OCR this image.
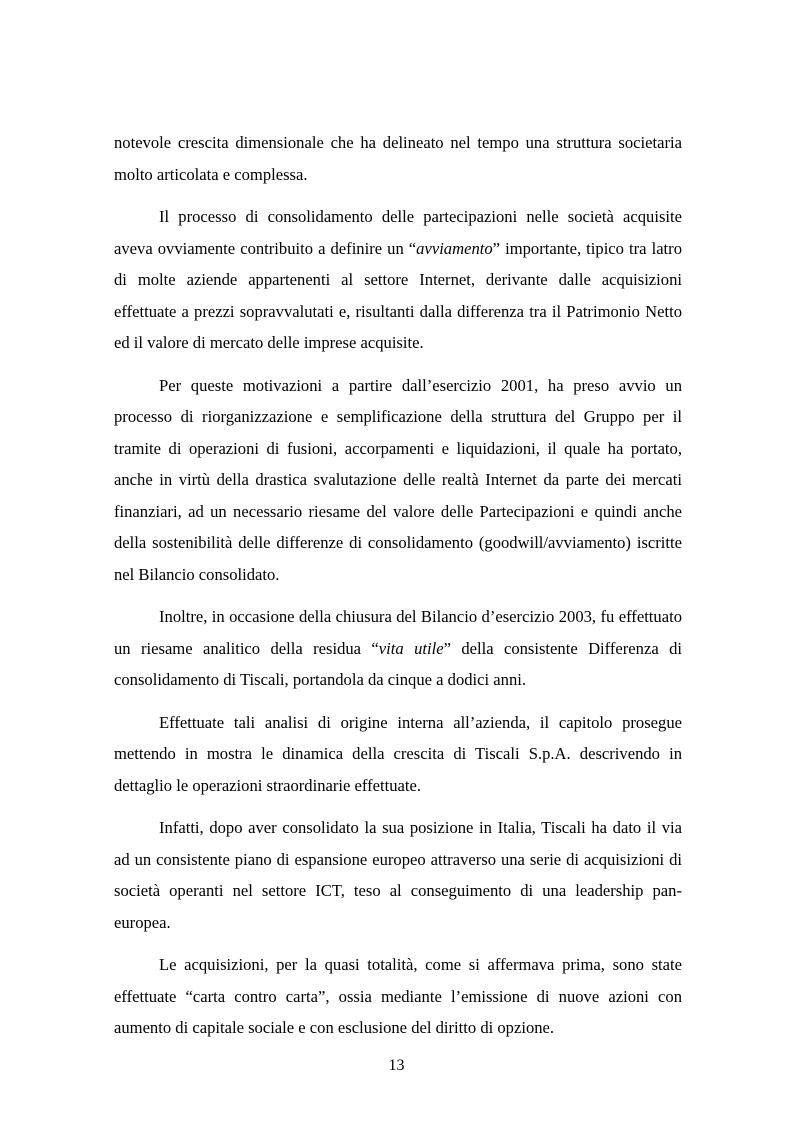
notevole crescita dimensionale che ha delineato nel tempo una struttura societaria molto articolata e complessa.

Il processo di consolidamento delle partecipazioni nelle società acquisite aveva ovviamente contribuito a definire un “avviamento” importante, tipico tra latro di molte aziende appartenenti al settore Internet, derivante dalle acquisizioni effettuate a prezzi sopravvalutati e, risultanti dalla differenza tra il Patrimonio Netto ed il valore di mercato delle imprese acquisite.

Per queste motivazioni a partire dall’esercizio 2001, ha preso avvio un processo di riorganizzazione e semplificazione della struttura del Gruppo per il tramite di operazioni di fusioni, accorpamenti e liquidazioni, il quale ha portato, anche in virtù della drastica svalutazione delle realtà Internet da parte dei mercati finanziari, ad un necessario riesame del valore delle Partecipazioni e quindi anche della sostenibilità delle differenze di consolidamento (goodwill/avviamento) iscritte nel Bilancio consolidato.

Inoltre, in occasione della chiusura del Bilancio d’esercizio 2003, fu effettuato un riesame analitico della residua “vita utile” della consistente Differenza di consolidamento di Tiscali, portandola da cinque a dodici anni.

Effettuate tali analisi di origine interna all’azienda, il capitolo prosegue mettendo in mostra le dinamica della crescita di Tiscali S.p.A. descrivendo in dettaglio le operazioni straordinarie effettuate.

Infatti, dopo aver consolidato la sua posizione in Italia, Tiscali ha dato il via ad un consistente piano di espansione europeo attraverso una serie di acquisizioni di società operanti nel settore ICT, teso al conseguimento di una leadership pan-europea.

Le acquisizioni, per la quasi totalità, come si affermava prima, sono state effettuate “carta contro carta”, ossia mediante l’emissione di nuove azioni con aumento di capitale sociale e con esclusione del diritto di opzione.

13
